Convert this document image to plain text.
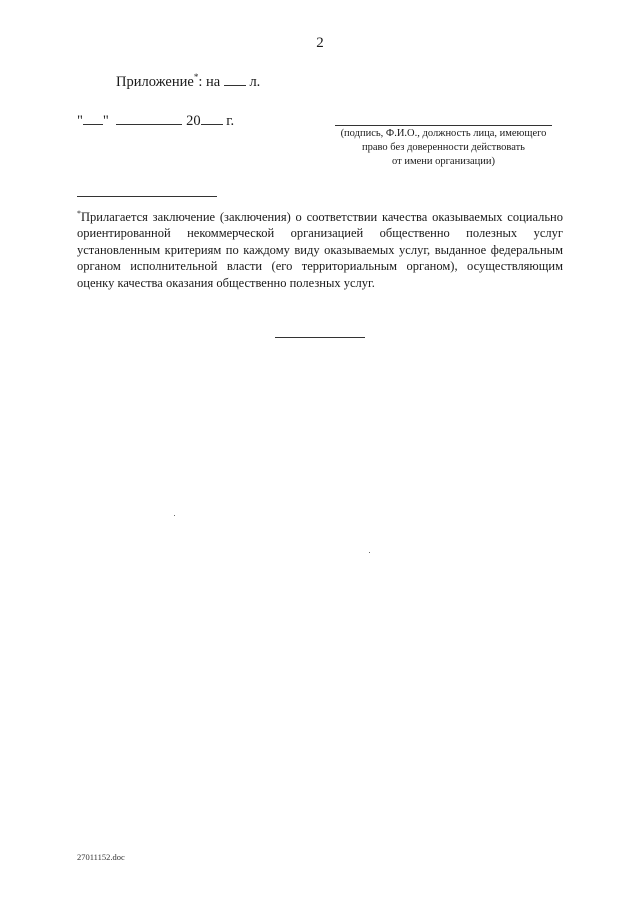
2
Приложение*: на л.
" "	20 г.
(подпись, Ф.И.О., должность лица, имеющего
право без доверенности действовать
от имени организации)
*Прилагается заключение (заключения) о соответствии качества оказываемых социально ориентированной некоммерческой организацией общественно полезных услуг установленным критериям по каждому виду оказываемых услуг, выданное федеральным органом исполнительной власти (его территориальным органом), осуществляющим оценку качества оказания общественно полезных услуг.
27011152.doc
